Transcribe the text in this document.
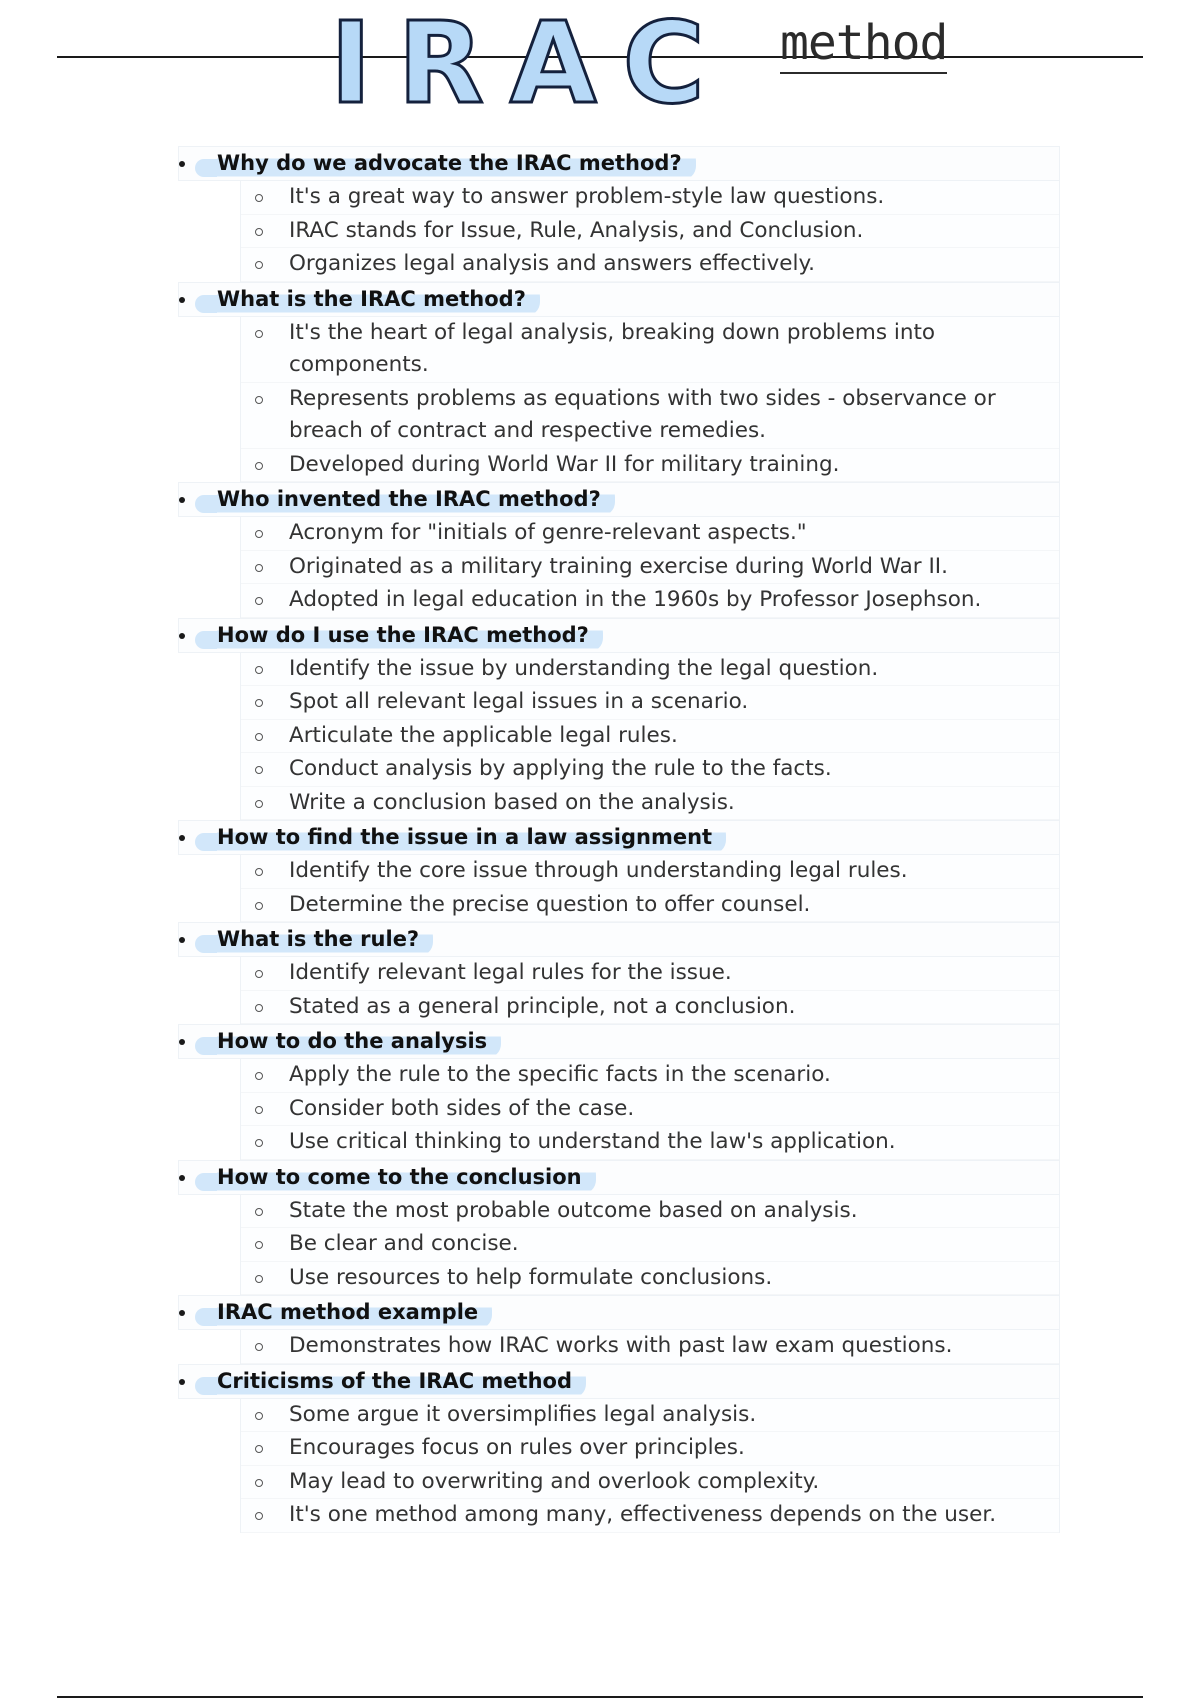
IRAC method
Why do we advocate the IRAC method?
It's a great way to answer problem-style law questions.
IRAC stands for Issue, Rule, Analysis, and Conclusion.
Organizes legal analysis and answers effectively.
What is the IRAC method?
It's the heart of legal analysis, breaking down problems into components.
Represents problems as equations with two sides - observance or breach of contract and respective remedies.
Developed during World War II for military training.
Who invented the IRAC method?
Acronym for "initials of genre-relevant aspects."
Originated as a military training exercise during World War II.
Adopted in legal education in the 1960s by Professor Josephson.
How do I use the IRAC method?
Identify the issue by understanding the legal question.
Spot all relevant legal issues in a scenario.
Articulate the applicable legal rules.
Conduct analysis by applying the rule to the facts.
Write a conclusion based on the analysis.
How to find the issue in a law assignment
Identify the core issue through understanding legal rules.
Determine the precise question to offer counsel.
What is the rule?
Identify relevant legal rules for the issue.
Stated as a general principle, not a conclusion.
How to do the analysis
Apply the rule to the specific facts in the scenario.
Consider both sides of the case.
Use critical thinking to understand the law's application.
How to come to the conclusion
State the most probable outcome based on analysis.
Be clear and concise.
Use resources to help formulate conclusions.
IRAC method example
Demonstrates how IRAC works with past law exam questions.
Criticisms of the IRAC method
Some argue it oversimplifies legal analysis.
Encourages focus on rules over principles.
May lead to overwriting and overlook complexity.
It's one method among many, effectiveness depends on the user.
